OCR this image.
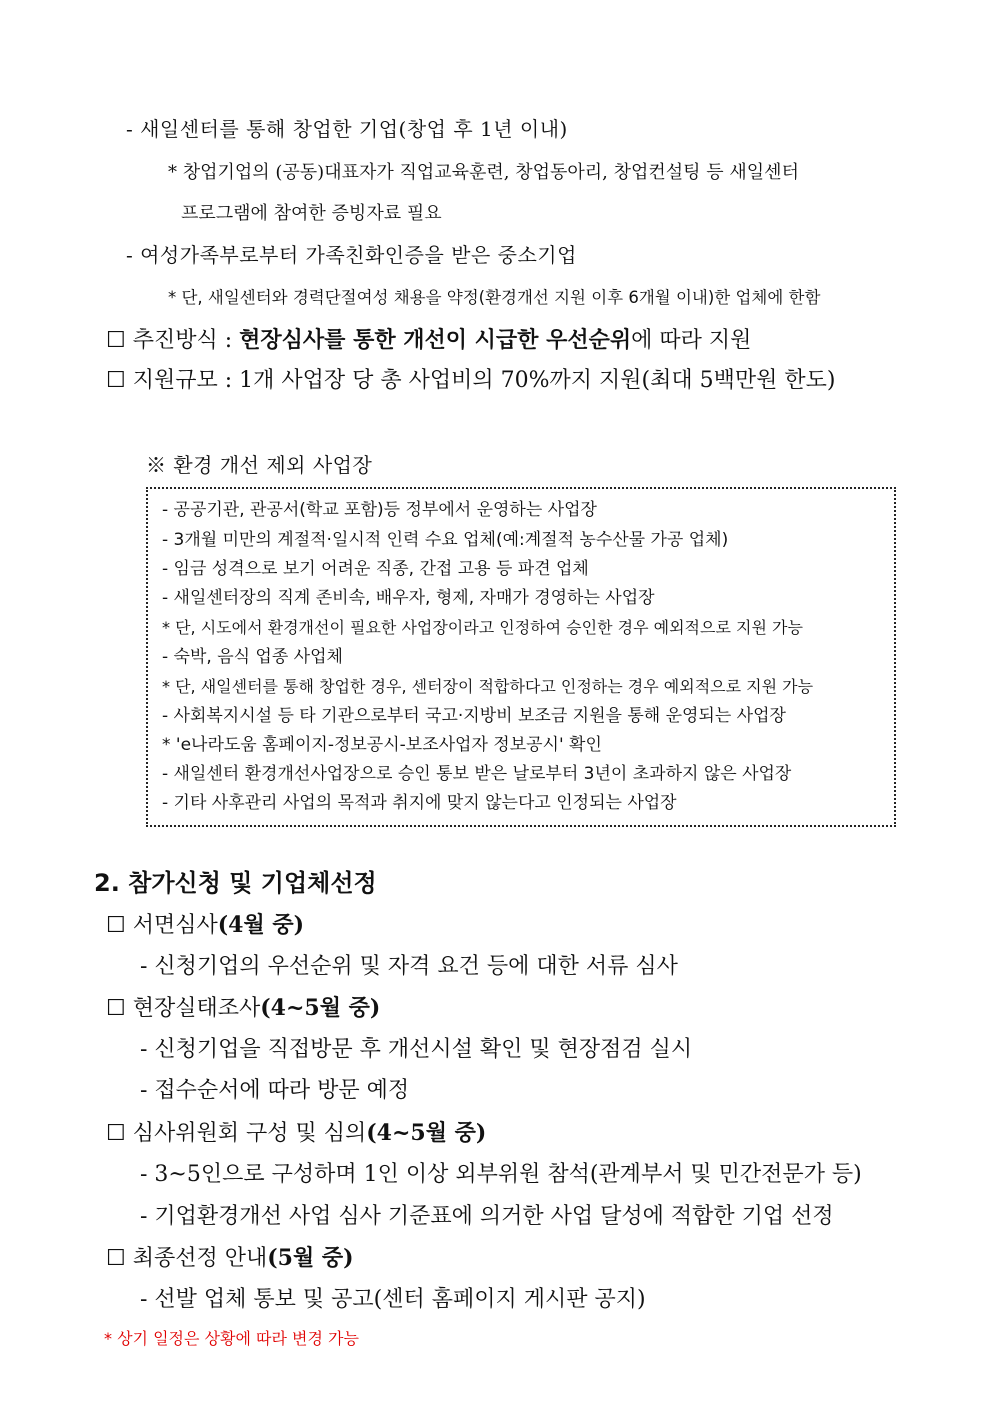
- 새일센터를 통해 창업한 기업(창업 후 1년 이내)
* 창업기업의 (공동)대표자가 직업교육훈련, 창업동아리, 창업컨설팅 등 새일센터
프로그램에 참여한 증빙자료 필요
- 여성가족부로부터 가족친화인증을 받은 중소기업
* 단, 새일센터와 경력단절여성 채용을 약정(환경개선 지원 이후 6개월 이내)한 업체에 한함
☐ 추진방식 : 현장심사를 통한 개선이 시급한 우선순위에 따라 지원
☐ 지원규모 : 1개 사업장 당 총 사업비의 70%까지 지원(최대 5백만원 한도)
※ 환경 개선 제외 사업장
- 공공기관, 관공서(학교 포함)등 정부에서 운영하는 사업장
- 3개월 미만의 계절적·일시적 인력 수요 업체(예:계절적 농수산물 가공 업체)
- 임금 성격으로 보기 어려운 직종, 간접 고용 등 파견 업체
- 새일센터장의 직계 존비속, 배우자, 형제, 자매가 경영하는 사업장
* 단, 시도에서 환경개선이 필요한 사업장이라고 인정하여 승인한 경우 예외적으로 지원 가능
- 숙박, 음식 업종 사업체
* 단, 새일센터를 통해 창업한 경우, 센터장이 적합하다고 인정하는 경우 예외적으로 지원 가능
- 사회복지시설 등 타 기관으로부터 국고·지방비 보조금 지원을 통해 운영되는 사업장
* 'e나라도움 홈페이지-정보공시-보조사업자 정보공시' 확인
- 새일센터 환경개선사업장으로 승인 통보 받은 날로부터 3년이 초과하지 않은 사업장
- 기타 사후관리 사업의 목적과 취지에 맞지 않는다고 인정되는 사업장
2. 참가신청 및 기업체선정
☐ 서면심사(4월 중)
- 신청기업의 우선순위 및 자격 요건 등에 대한 서류 심사
☐ 현장실태조사(4~5월 중)
- 신청기업을 직접방문 후 개선시설 확인 및 현장점검 실시
- 접수순서에 따라 방문 예정
☐ 심사위원회 구성 및 심의(4~5월 중)
- 3~5인으로 구성하며 1인 이상 외부위원 참석(관계부서 및 민간전문가 등)
- 기업환경개선 사업 심사 기준표에 의거한 사업 달성에 적합한 기업 선정
☐ 최종선정 안내(5월 중)
- 선발 업체 통보 및 공고(센터 홈페이지 게시판 공지)
* 상기 일정은 상황에 따라 변경 가능
